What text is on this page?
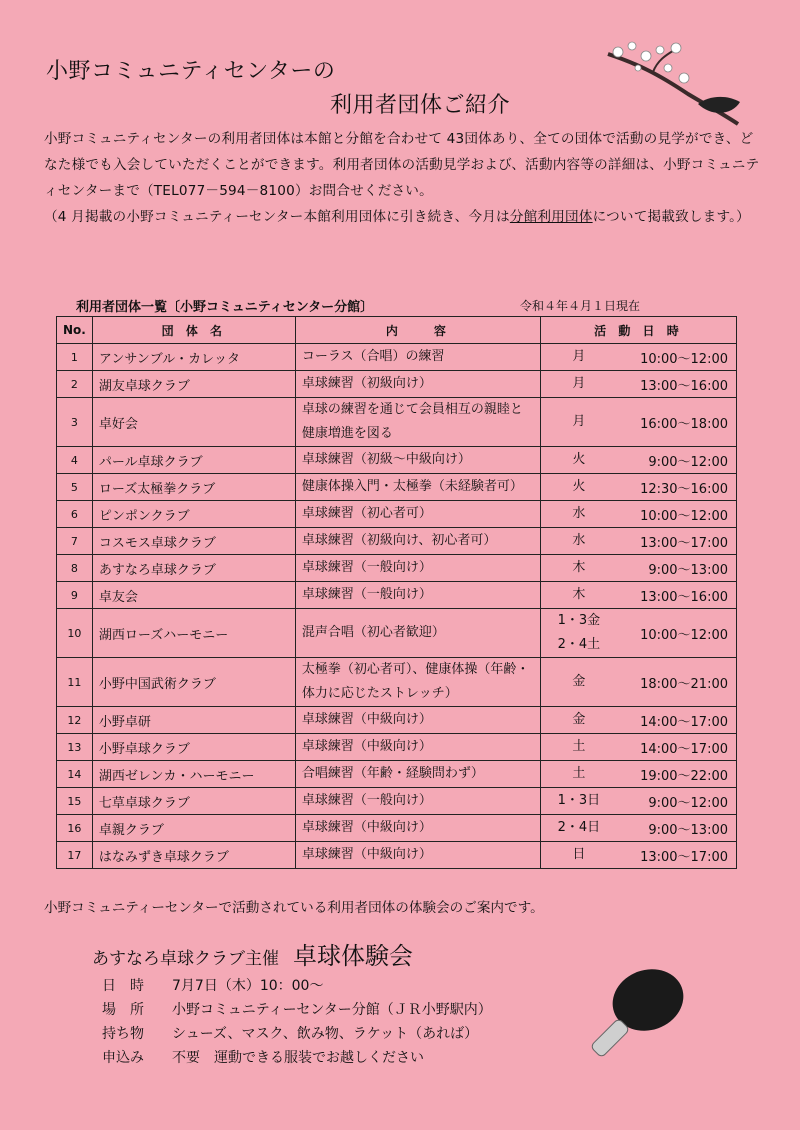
小野コミュニティセンターの
利用者団体ご紹介

小野コミュニティセンターの利用者団体は本館と分館を合わせて 43団体あり、全ての団体で活動の見学ができ、どなた様でも入会していただくことができます。利用者団体の活動見学および、活動内容等の詳細は、小野コミュニティセンターまで（TEL077－594－8100）お問合せください。

（4 月掲載の小野コミュニティーセンター本館利用団体に引き続き、今月は分館利用団体について掲載致します。）

利用者団体一覧〔小野コミュニティセンター分館〕	令和４年４月１日現在
No.	団 体 名	内　　容	活 動 日 時	
1	アンサンブル・カレッタ	コーラス（合唱）の練習	月	10:00～12:00
2	湖友卓球クラブ	卓球練習（初級向け）	月	13:00～16:00
3	卓好会	卓球の練習を通じて会員相互の親睦と健康増進を図る	月	16:00～18:00
4	パール卓球クラブ	卓球練習（初級～中級向け）	火	9:00～12:00
5	ローズ太極拳クラブ	健康体操入門・太極拳（未経験者可）	火	12:30～16:00
6	ピンポンクラブ	卓球練習（初心者可）	水	10:00～12:00
7	コスモス卓球クラブ	卓球練習（初級向け、初心者可）	水	13:00～17:00
8	あすなろ卓球クラブ	卓球練習（一般向け）	木	9:00～13:00
9	卓友会	卓球練習（一般向け）	木	13:00～16:00
10	湖西ローズハーモニー	混声合唱（初心者歓迎）	1・3金 2・4土	10:00～12:00
11	小野中国武術クラブ	太極拳（初心者可）、健康体操（年齢・体力に応じたストレッチ）	金	18:00～21:00
12	小野卓研	卓球練習（中級向け）	金	14:00～17:00
13	小野卓球クラブ	卓球練習（中級向け）	土	14:00～17:00
14	湖西ゼレンカ・ハーモニー	合唱練習（年齢・経験問わず）	土	19:00～22:00
15	七草卓球クラブ	卓球練習（一般向け）	1・3日	9:00～12:00
16	卓親クラブ	卓球練習（中級向け）	2・4日	9:00～13:00
17	はなみずき卓球クラブ	卓球練習（中級向け）	日	13:00～17:00
小野コミュニティーセンターで活動されている利用者団体の体験会のご案内です。
あすなろ卓球クラブ主催 卓球体験会
日　時	7月7日（木）10：00～
場　所	小野コミュニティーセンター分館（ＪＲ小野駅内）
持ち物	シューズ、マスク、飲み物、ラケット（あれば）
申込み	不要　運動できる服装でお越しください
